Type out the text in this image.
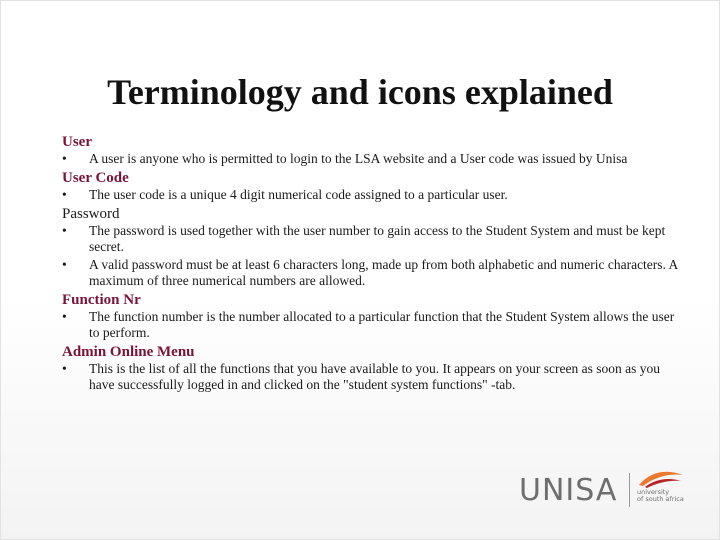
Terminology and icons explained
User
• A user is anyone who is permitted to login to the LSA website and a User code was issued by Unisa
User Code
• The user code is a unique 4 digit numerical code assigned to a particular user.
Password
• The password is used together with the user number to gain access to the Student System and must be kept secret.
• A valid password must be at least 6 characters long, made up from both alphabetic and numeric characters. A maximum of three numerical numbers are allowed.
Function Nr
• The function number is the number allocated to a particular function that the Student System allows the user to perform.
Admin Online Menu
• This is the list of all the functions that you have available to you. It appears on your screen as soon as you have successfully logged in and clicked on the "student system functions" -tab.
UNISA	university
of south africa
